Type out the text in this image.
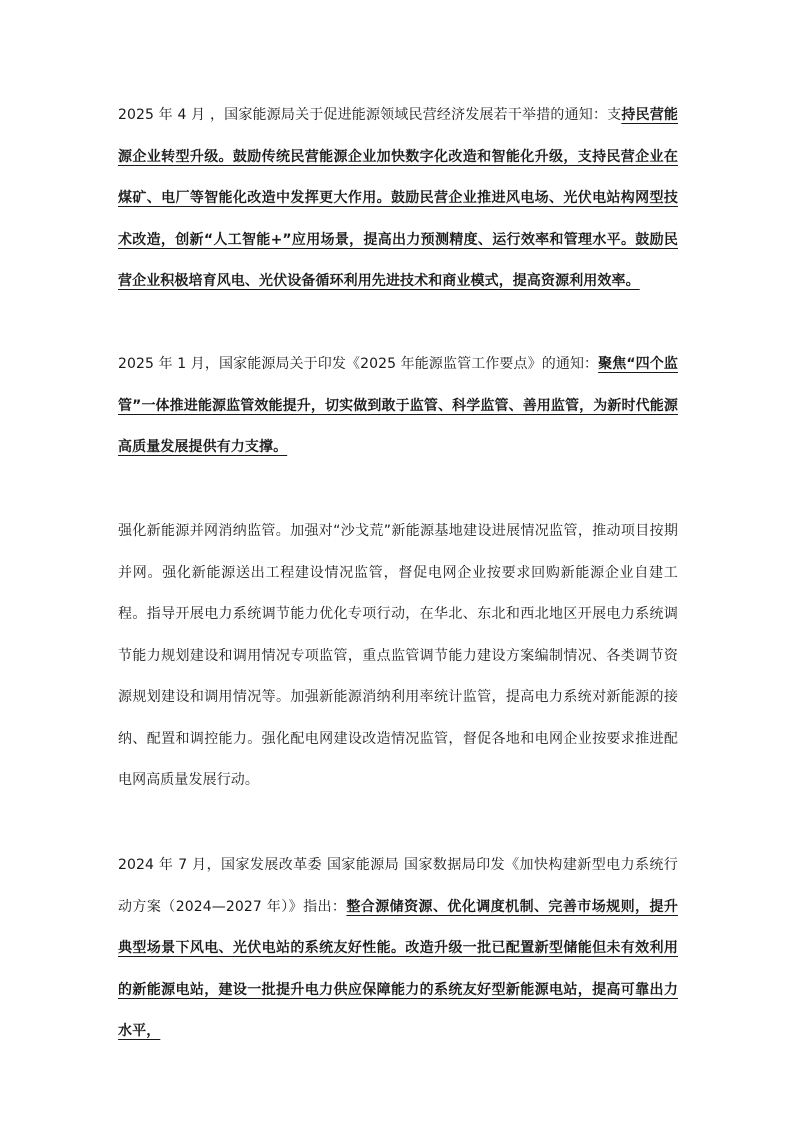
2025 年 4 月 ，国家能源局关于促进能源领域民营经济发展若干举措的通知：支持民营能源企业转型升级。鼓励传统民营能源企业加快数字化改造和智能化升级，支持民营企业在煤矿、电厂等智能化改造中发挥更大作用。鼓励民营企业推进风电场、光伏电站构网型技术改造，创新“人工智能+”应用场景，提高出力预测精度、运行效率和管理水平。鼓励民营企业积极培育风电、光伏设备循环利用先进技术和商业模式，提高资源利用效率。

2025 年 1 月，国家能源局关于印发《2025 年能源监管工作要点》的通知：聚焦“四个监管”一体推进能源监管效能提升，切实做到敢于监管、科学监管、善用监管，为新时代能源高质量发展提供有力支撑。

强化新能源并网消纳监管。加强对“沙戈荒”新能源基地建设进展情况监管，推动项目按期并网。强化新能源送出工程建设情况监管，督促电网企业按要求回购新能源企业自建工程。指导开展电力系统调节能力优化专项行动，在华北、东北和西北地区开展电力系统调节能力规划建设和调用情况专项监管，重点监管调节能力建设方案编制情况、各类调节资源规划建设和调用情况等。加强新能源消纳利用率统计监管，提高电力系统对新能源的接纳、配置和调控能力。强化配电网建设改造情况监管，督促各地和电网企业按要求推进配电网高质量发展行动。

2024 年 7 月，国家发展改革委 国家能源局 国家数据局印发《加快构建新型电力系统行动方案（2024—2027 年）》指出：整合源储资源、优化调度机制、完善市场规则，提升典型场景下风电、光伏电站的系统友好性能。改造升级一批已配置新型储能但未有效利用的新能源电站，建设一批提升电力供应保障能力的系统友好型新能源电站，提高可靠出力水平，
